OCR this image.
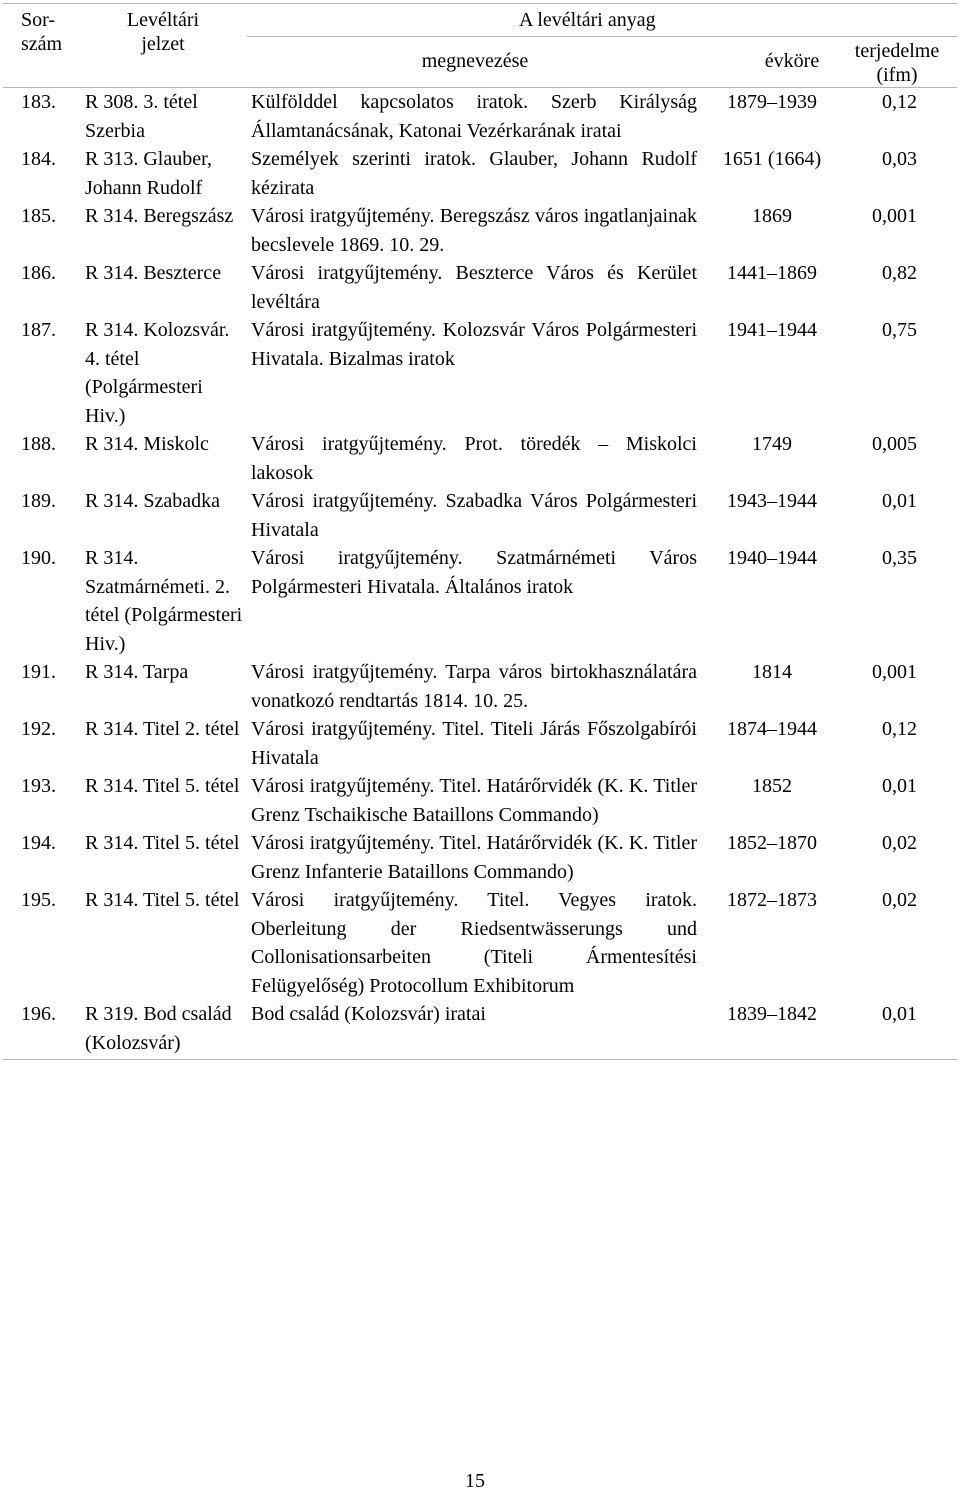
Sor-
szám	Levéltári
jelzet	A levéltári anyag		
		megnevezése	évköre	terjedelme
(ifm)
183.	R 308. 3. tétel Szerbia	Külfölddel kapcsolatos iratok. Szerb Királyság Államtanácsának, Katonai Vezérkarának iratai	1879–1939	0,12
184.	R 313. Glauber, Johann Rudolf	Személyek szerinti iratok. Glauber, Johann Rudolf kézirata	1651 (1664)	0,03
185.	R 314. Beregszász	Városi iratgyűjtemény. Beregszász város ingatlanjainak becslevele 1869. 10. 29.	1869	0,001
186.	R 314. Beszterce	Városi iratgyűjtemény. Beszterce Város és Kerület levéltára	1441–1869	0,82
187.	R 314. Kolozsvár. 4. tétel (Polgármesteri Hiv.)	Városi iratgyűjtemény. Kolozsvár Város Polgármesteri Hivatala. Bizalmas iratok	1941–1944	0,75
188.	R 314. Miskolc	Városi iratgyűjtemény. Prot. töredék – Miskolci lakosok	1749	0,005
189.	R 314. Szabadka	Városi iratgyűjtemény. Szabadka Város Polgármesteri Hivatala	1943–1944	0,01
190.	R 314. Szatmárnémeti. 2. tétel (Polgármesteri Hiv.)	Városi iratgyűjtemény. Szatmárnémeti Város Polgármesteri Hivatala. Általános iratok	1940–1944	0,35
191.	R 314. Tarpa	Városi iratgyűjtemény. Tarpa város birtokhasználatára vonatkozó rendtartás 1814. 10. 25.	1814	0,001
192.	R 314. Titel 2. tétel	Városi iratgyűjtemény. Titel. Titeli Járás Főszolgabírói Hivatala	1874–1944	0,12
193.	R 314. Titel 5. tétel	Városi iratgyűjtemény. Titel. Határőrvidék (K. K. Titler Grenz Tschaikische Bataillons Commando)	1852	0,01
194.	R 314. Titel 5. tétel	Városi iratgyűjtemény. Titel. Határőrvidék (K. K. Titler Grenz Infanterie Bataillons Commando)	1852–1870	0,02
195.	R 314. Titel 5. tétel	Városi iratgyűjtemény. Titel. Vegyes iratok. Oberleitung der Riedsentwässerungs und Collonisationsarbeiten (Titeli Ármentesítési Felügyelőség) Protocollum Exhibitorum	1872–1873	0,02
196.	R 319. Bod család (Kolozsvár)	Bod család (Kolozsvár) iratai	1839–1842	0,01
15
